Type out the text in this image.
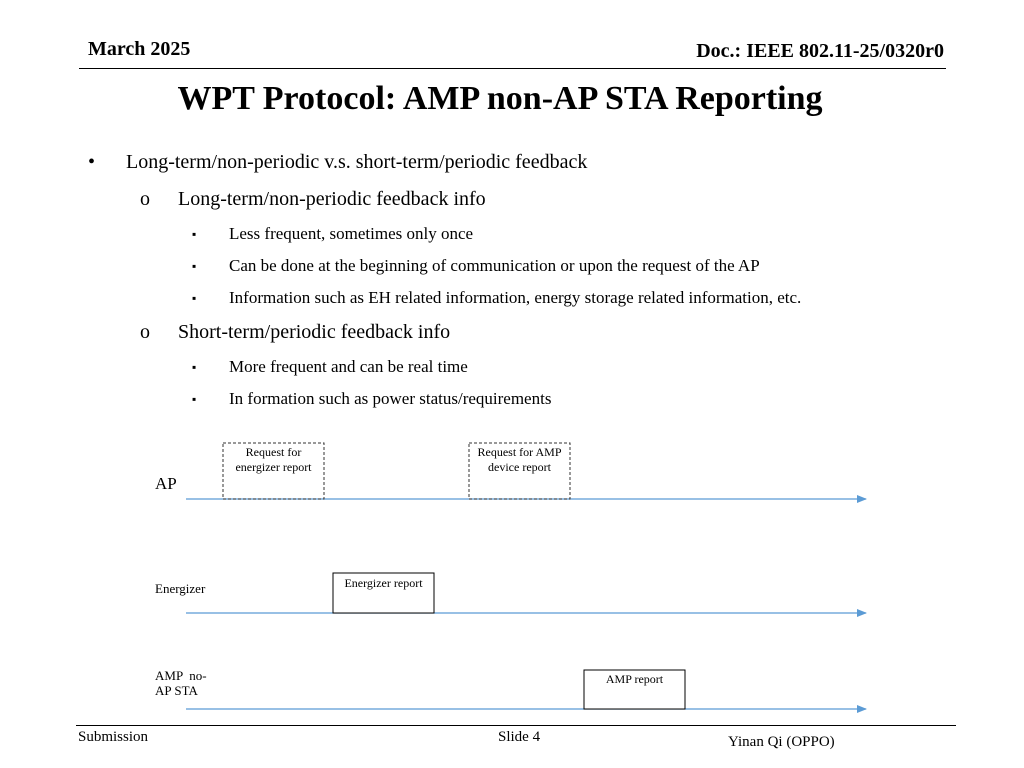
March 2025	Doc.: IEEE 802.11-25/0320r0
WPT Protocol: AMP non-AP STA Reporting
• Long-term/non-periodic v.s. short-term/periodic feedback
o Long-term/non-periodic feedback info
▪ Less frequent, sometimes only once
▪ Can be done at the beginning of communication or upon the request of the AP
▪ Information such as EH related information, energy storage related information, etc.
o Short-term/periodic feedback info
▪ More frequent and can be real time
▪ In formation such as power status/requirements
AP
Energizer
AMP  no-
AP STA
Request for
energizer report
Request for AMP
device report
Energizer report
AMP report
Submission	Slide 4	Yinan Qi (OPPO)
